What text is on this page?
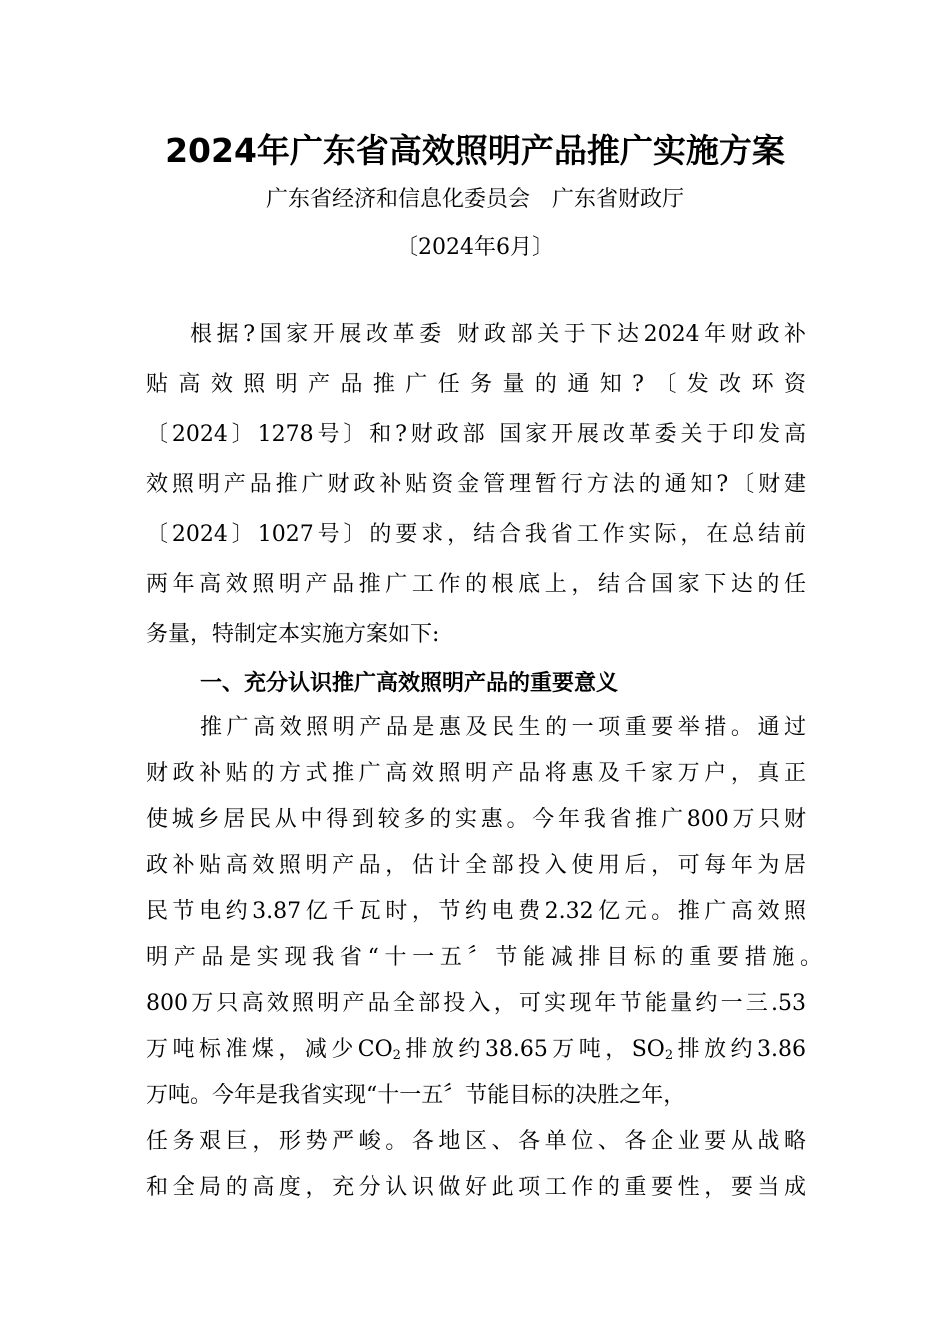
2024年广东省高效照明产品推广实施方案
广东省经济和信息化委员会　广东省财政厅
〔2024年6月〕
根据?国家开展改革委 财政部关于下达2024年财政补
贴高效照明产品推广任务量的通知?〔发改环资
〔2024〕1278号〕和?财政部 国家开展改革委关于印发高
效照明产品推广财政补贴资金管理暂行方法的通知?〔财建
〔2024〕1027号〕的要求，结合我省工作实际，在总结前
两年高效照明产品推广工作的根底上，结合国家下达的任
务量，特制定本实施方案如下:
一、充分认识推广高效照明产品的重要意义
推广高效照明产品是惠及民生的一项重要举措。通过
财政补贴的方式推广高效照明产品将惠及千家万户，真正
使城乡居民从中得到较多的实惠。今年我省推广800万只财
政补贴高效照明产品，估计全部投入使用后，可每年为居
民节电约3.87亿千瓦时，节约电费2.32亿元。推广高效照
明产品是实现我省“十一五〞节能减排目标的重要措施。
800万只高效照明产品全部投入，可实现年节能量约一三.53
万吨标准煤，减少$CO_2$排放约38.65万吨，$SO_2$排放约3.86
万吨。今年是我省实现“十一五〞节能目标的决胜之年，
任务艰巨，形势严峻。各地区、各单位、各企业要从战略
和全局的高度，充分认识做好此项工作的重要性，要当成
